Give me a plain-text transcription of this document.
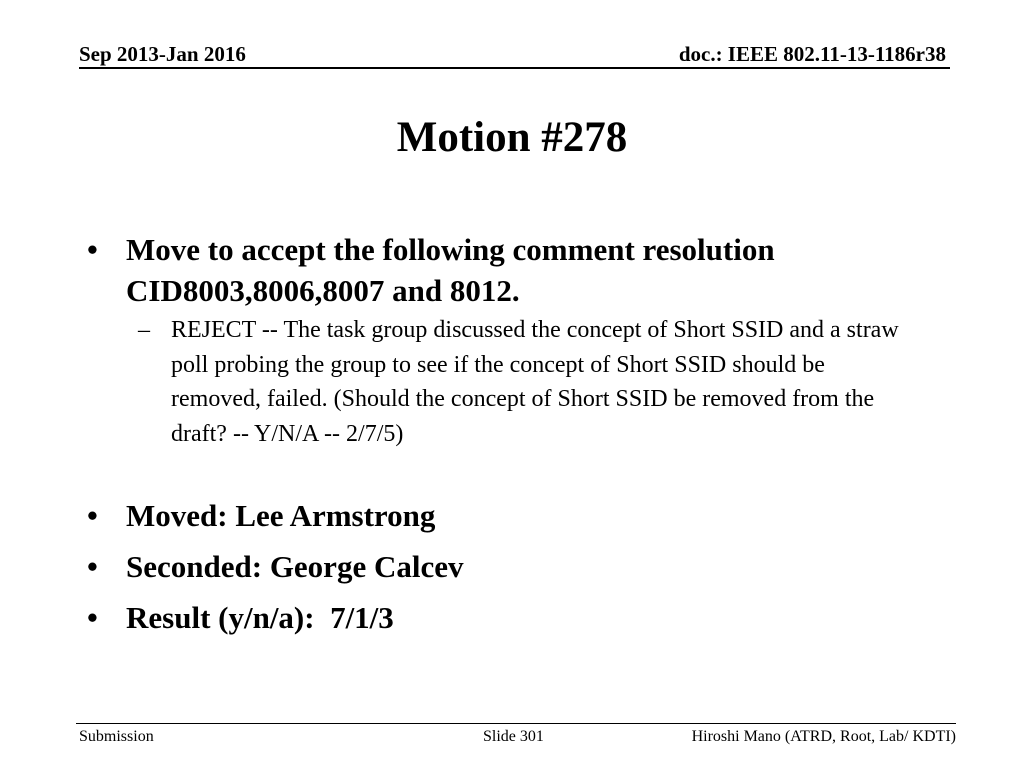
Sep 2013-Jan 2016	doc.: IEEE 802.11-13-1186r38
Motion #278
• Move to accept the following comment resolution CID8003,8006,8007 and 8012.
– REJECT -- The task group discussed the concept of Short SSID and a straw poll probing the group to see if the concept of Short SSID should be removed, failed. (Should the concept of Short SSID be removed from the draft? -- Y/N/A -- 2/7/5)
• Moved: Lee Armstrong
• Seconded: George Calcev
• Result (y/n/a):  7/1/3
Submission	Slide 301	Hiroshi Mano (ATRD, Root, Lab/ KDTI)
